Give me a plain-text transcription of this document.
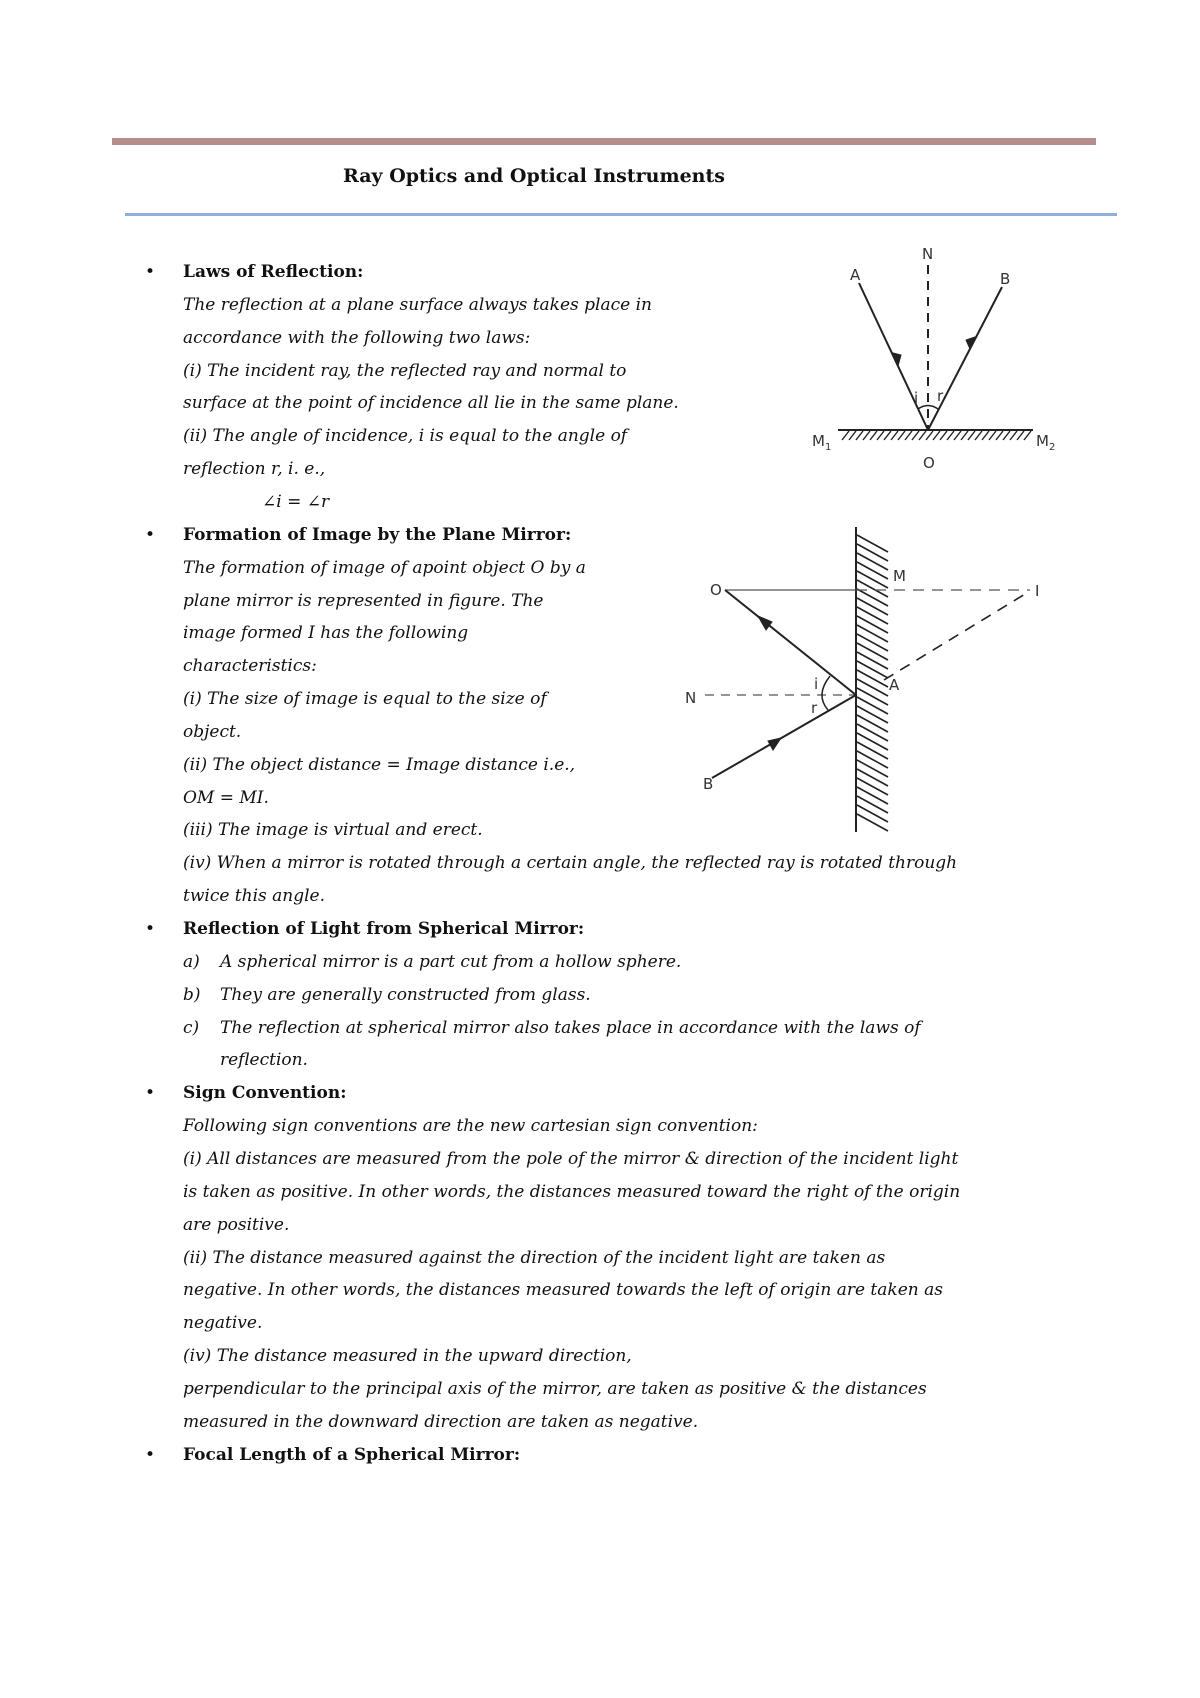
Ray Optics and Optical Instruments
• Laws of Reflection:
The reflection at a plane surface always takes place in
accordance with the following two laws:
(i) The incident ray, the reflected ray and normal to
surface at the point of incidence all lie in the same plane.
(ii) The angle of incidence, i is equal to the angle of
reflection r, i. e.,
∠i = ∠r
• Formation of Image by the Plane Mirror:
The formation of image of apoint object O by a
plane mirror is represented in figure. The
image formed I has the following
characteristics:
(i) The size of image is equal to the size of
object.
(ii) The object distance = Image distance i.e.,
OM = MI.
(iii) The image is virtual and erect.
(iv) When a mirror is rotated through a certain angle, the reflected ray is rotated through
twice this angle.
• Reflection of Light from Spherical Mirror:
a) A spherical mirror is a part cut from a hollow sphere.
b) They are generally constructed from glass.
c) The reflection at spherical mirror also takes place in accordance with the laws of
reflection.
• Sign Convention:
Following sign conventions are the new cartesian sign convention:
(i) All distances are measured from the pole of the mirror & direction of the incident light
is taken as positive. In other words, the distances measured toward the right of the origin
are positive.
(ii) The distance measured against the direction of the incident light are taken as
negative. In other words, the distances measured towards the left of origin are taken as
negative.
(iv) The distance measured in the upward direction,
perpendicular to the principal axis of the mirror, are taken as positive & the distances
measured in the downward direction are taken as negative.
• Focal Length of a Spherical Mirror:
A
N
B
i r
$M_1$	$M_2$
O
O
M
I
N
A
B
i
r
